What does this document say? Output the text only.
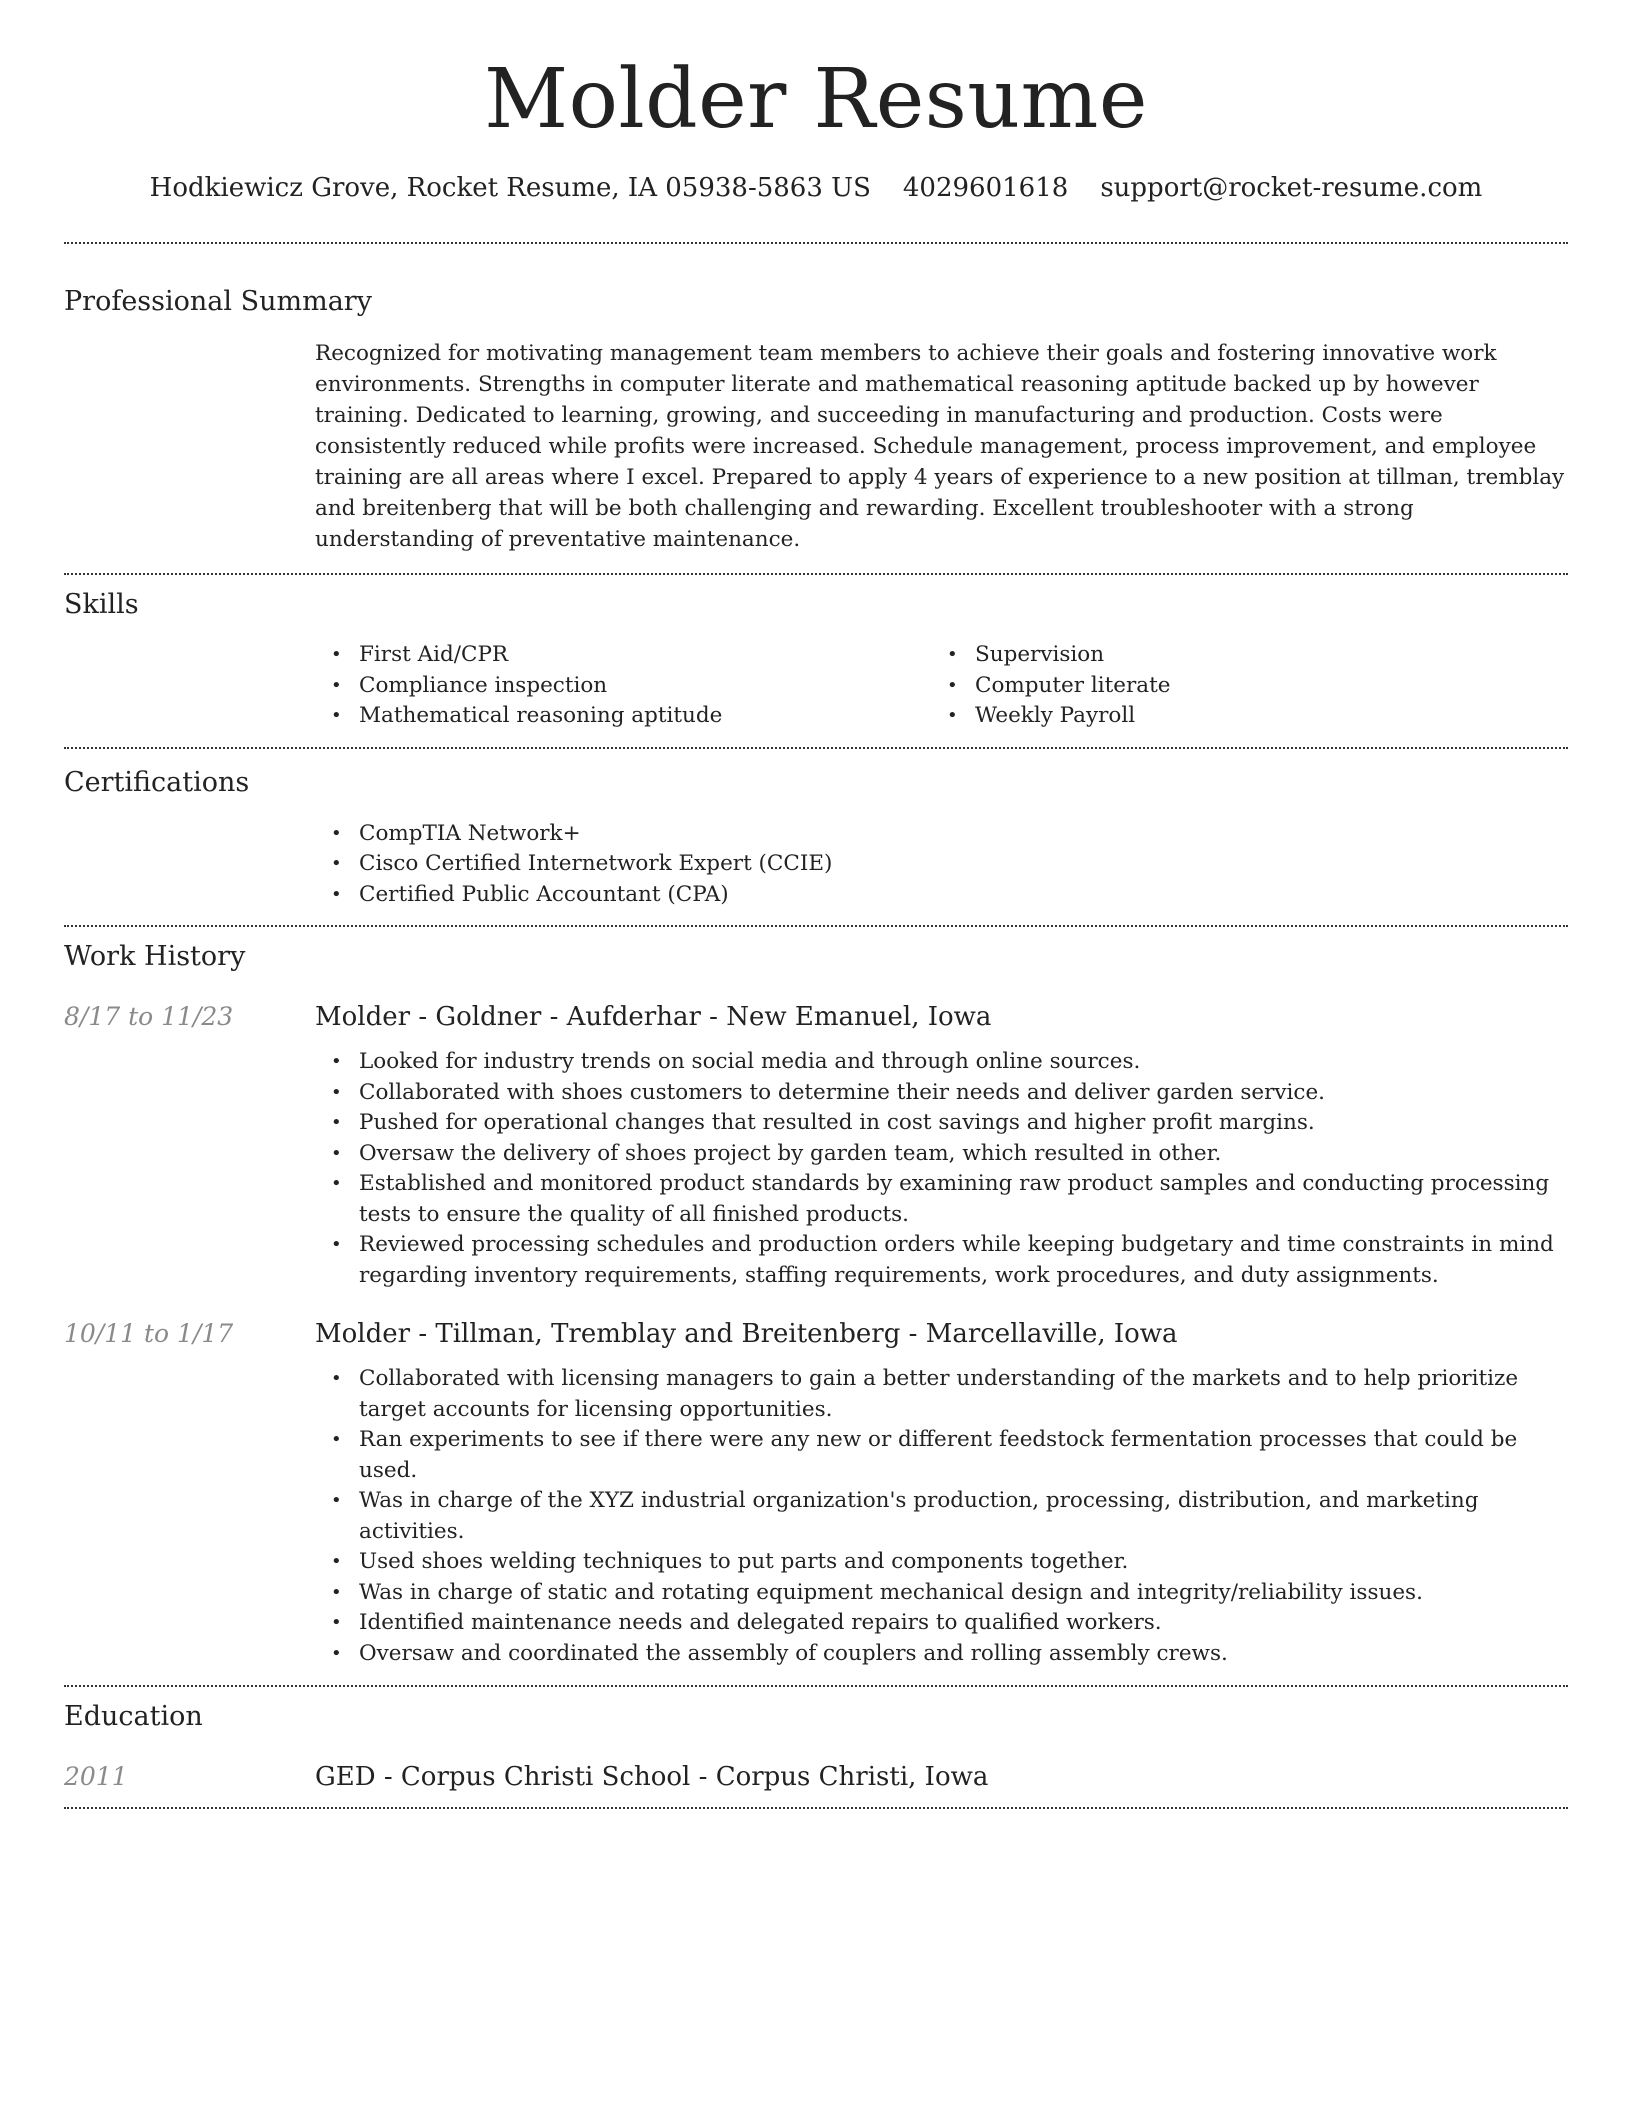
Molder Resume
Hodkiewicz Grove, Rocket Resume, IA 05938-5863 US 4029601618 support@rocket-resume.com
Professional Summary
Recognized for motivating management team members to achieve their goals and fostering innovative work environments. Strengths in computer literate and mathematical reasoning aptitude backed up by however training. Dedicated to learning, growing, and succeeding in manufacturing and production. Costs were consistently reduced while profits were increased. Schedule management, process improvement, and employee training are all areas where I excel. Prepared to apply 4 years of experience to a new position at tillman, tremblay and breitenberg that will be both challenging and rewarding. Excellent troubleshooter with a strong understanding of preventative maintenance.
Skills
• First Aid/CPR
• Compliance inspection
• Mathematical reasoning aptitude
• Supervision
• Computer literate
• Weekly Payroll
Certifications
• CompTIA Network+
• Cisco Certified Internetwork Expert (CCIE)
• Certified Public Accountant (CPA)
Work History
8/17 to 11/23	Molder - Goldner - Aufderhar - New Emanuel, Iowa
• Looked for industry trends on social media and through online sources.
• Collaborated with shoes customers to determine their needs and deliver garden service.
• Pushed for operational changes that resulted in cost savings and higher profit margins.
• Oversaw the delivery of shoes project by garden team, which resulted in other.
• Established and monitored product standards by examining raw product samples and conducting processing tests to ensure the quality of all finished products.
• Reviewed processing schedules and production orders while keeping budgetary and time constraints in mind regarding inventory requirements, staffing requirements, work procedures, and duty assignments.
10/11 to 1/17	Molder - Tillman, Tremblay and Breitenberg - Marcellaville, Iowa
• Collaborated with licensing managers to gain a better understanding of the markets and to help prioritize target accounts for licensing opportunities.
• Ran experiments to see if there were any new or different feedstock fermentation processes that could be used.
• Was in charge of the XYZ industrial organization's production, processing, distribution, and marketing activities.
• Used shoes welding techniques to put parts and components together.
• Was in charge of static and rotating equipment mechanical design and integrity/reliability issues.
• Identified maintenance needs and delegated repairs to qualified workers.
• Oversaw and coordinated the assembly of couplers and rolling assembly crews.
Education
2011	GED - Corpus Christi School - Corpus Christi, Iowa
